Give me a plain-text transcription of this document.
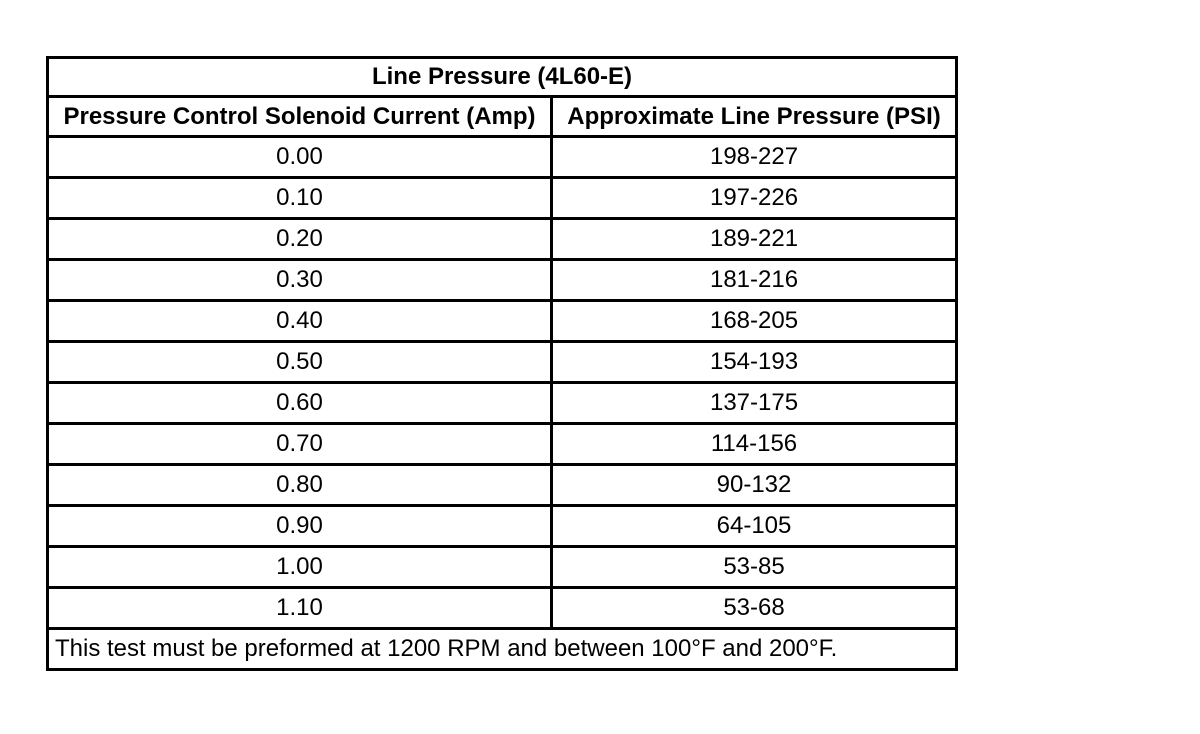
Line Pressure (4L60-E)	
Pressure Control Solenoid Current (Amp)	Approximate Line Pressure (PSI)
0.00	198-227
0.10	197-226
0.20	189-221
0.30	181-216
0.40	168-205
0.50	154-193
0.60	137-175
0.70	114-156
0.80	90-132
0.90	64-105
1.00	53-85
1.10	53-68
This test must be preformed at 1200 RPM and between 100°F and 200°F.	
